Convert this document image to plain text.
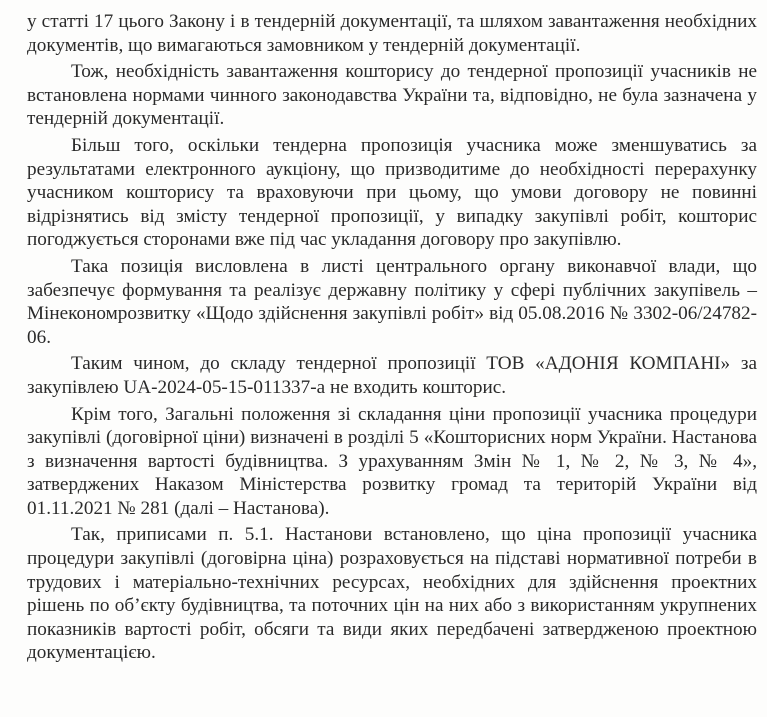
у статті 17 цього Закону і в тендерній документації, та шляхом завантаження необхідних документів, що вимагаються замовником у тендерній документації.

Тож, необхідність завантаження кошторису до тендерної пропозиції учасників не встановлена нормами чинного законодавства України та, відповідно, не була зазначена у тендерній документації.

Більш того, оскільки тендерна пропозиція учасника може зменшуватись за результатами електронного аукціону, що призводитиме до необхідності перерахунку учасником кошторису та враховуючи при цьому, що умови договору не повинні відрізнятись від змісту тендерної пропозиції, у випадку закупівлі робіт, кошторис погоджується сторонами вже під час укладання договору про закупівлю.

Така позиція висловлена в листі центрального органу виконавчої влади, що забезпечує формування та реалізує державну політику у сфері публічних закупівель – Мінекономрозвитку «Щодо здійснення закупівлі робіт» від 05.08.2016 № 3302-06/24782-06.

Таким чином, до складу тендерної пропозиції ТОВ «АДОНІЯ КОМПАНІ» за закупівлею UA-2024-05-15-011337-а не входить кошторис.

Крім того, Загальні положення зі складання ціни пропозиції учасника процедури закупівлі (договірної ціни) визначені в розділі 5 «Кошторисних норм України. Настанова з визначення вартості будівництва. З урахуванням Змін № 1, № 2, № 3, № 4», затверджених Наказом Міністерства розвитку громад та територій України від 01.11.2021 № 281 (далі – Настанова).

Так, приписами п. 5.1. Настанови встановлено, що ціна пропозиції учасника процедури закупівлі (договірна ціна) розраховується на підставі нормативної потреби в трудових і матеріально-технічних ресурсах, необхідних для здійснення проектних рішень по об’єкту будівництва, та поточних цін на них або з використанням укрупнених показників вартості робіт, обсяги та види яких передбачені затвердженою проектною документацією.
